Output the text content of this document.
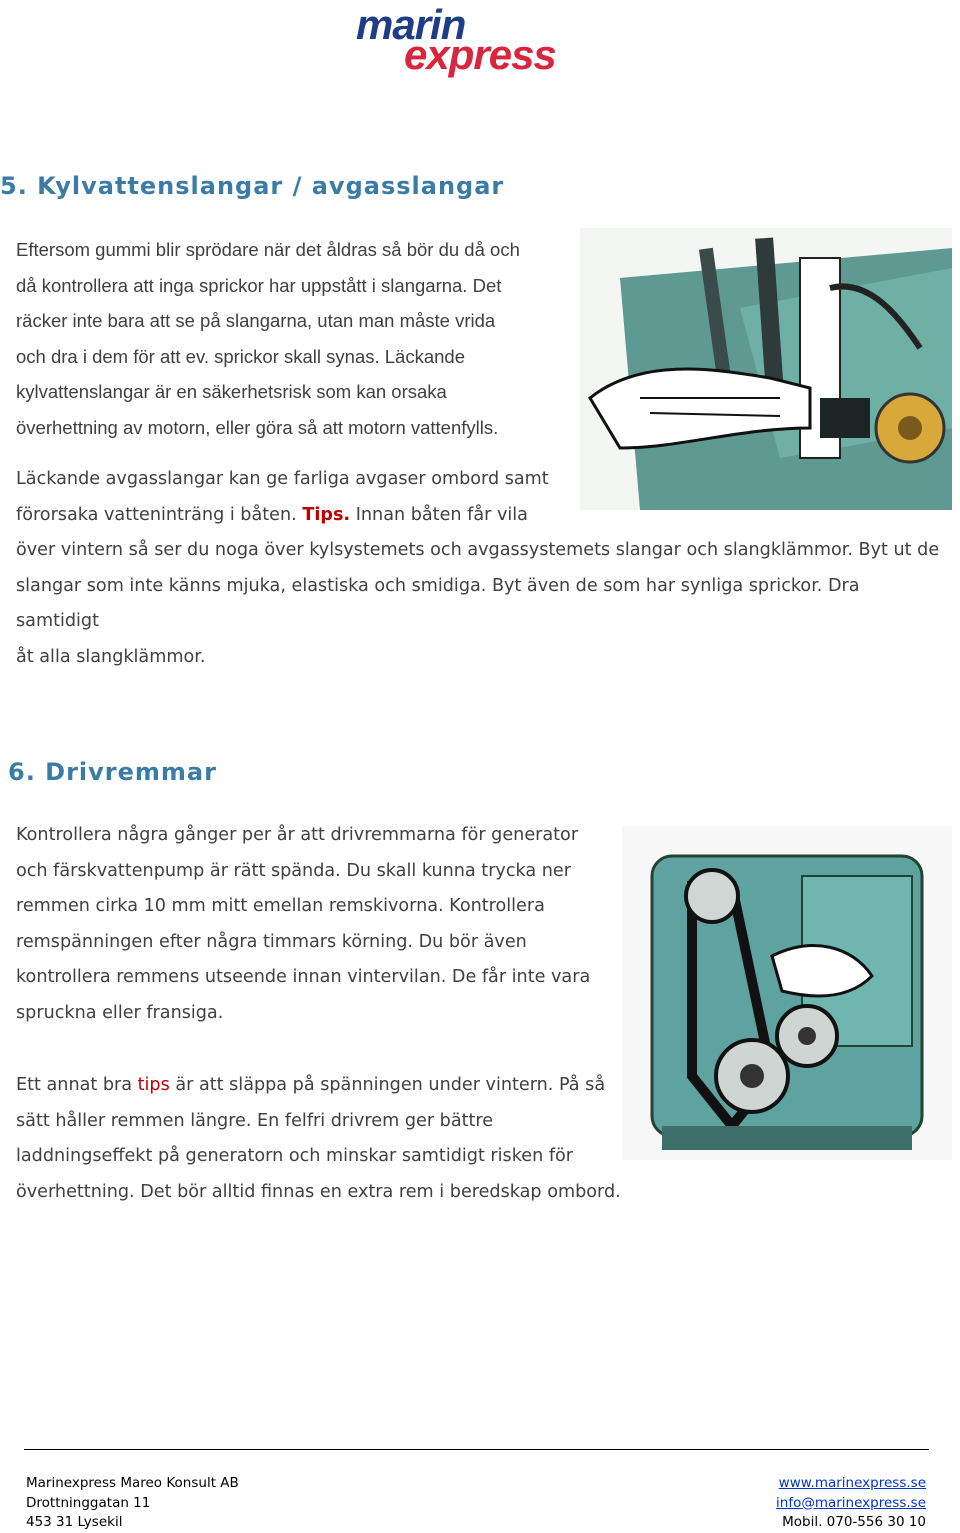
marin
express
5. Kylvattenslangar / avgasslangar
Eftersom gummi blir sprödare när det åldras så bör du då och
då kontrollera att inga sprickor har uppstått i slangarna. Det
räcker inte bara att se på slangarna, utan man måste vrida
och dra i dem för att ev. sprickor skall synas. Läckande
kylvattenslangar är en säkerhetsrisk som kan orsaka
överhettning av motorn, eller göra så att motorn vattenfylls.
Läckande avgasslangar kan ge farliga avgaser ombord samt
förorsaka vatteninträng i båten. Tips. Innan båten får vila
över vintern så ser du noga över kylsystemets och avgassystemets slangar och slangklämmor. Byt ut de
slangar som inte känns mjuka, elastiska och smidiga. Byt även de som har synliga sprickor. Dra samtidigt
åt alla slangklämmor.
6. Drivremmar
Kontrollera några gånger per år att drivremmarna för generator
och färskvattenpump är rätt spända. Du skall kunna trycka ner
remmen cirka 10 mm mitt emellan remskivorna. Kontrollera
remspänningen efter några timmars körning. Du bör även
kontrollera remmens utseende innan vintervilan. De får inte vara
spruckna eller fransiga.
Ett annat bra tips är att släppa på spänningen under vintern. På så
sätt håller remmen längre. En felfri drivrem ger bättre
laddningseffekt på generatorn och minskar samtidigt risken för
överhettning. Det bör alltid finnas en extra rem i beredskap ombord.
Marinexpress Mareo Konsult AB
Drottninggatan 11
453 31 Lysekil
www.marinexpress.se
info@marinexpress.se
Mobil. 070-556 30 10
